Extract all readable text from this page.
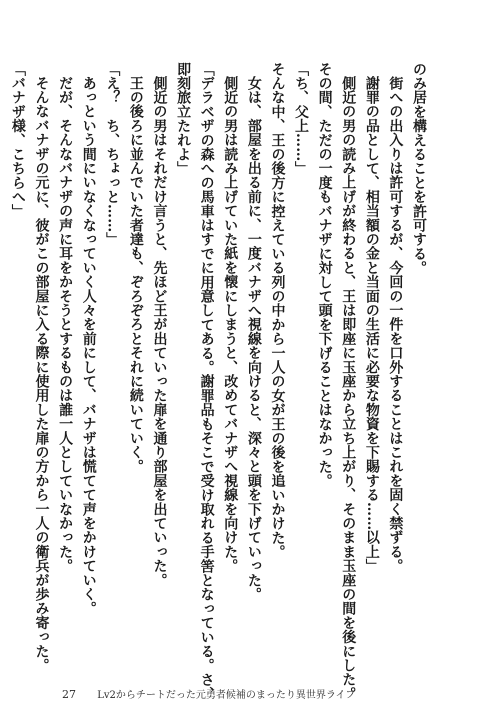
のみ居を構えることを許可する。

街への出入りは許可するが、今回の一件を口外することはこれを固く禁ずる。

謝罪の品として、相当額の金と当面の生活に必要な物資を下賜する……以上」

側近の男の読み上げが終わると、王は即座に玉座から立ち上がり、そのまま玉座の間を後にした。

その間、ただの一度もバナザに対して頭を下げることはなかった。

「ち、父上……」

そんな中、王の後方に控えている列の中から一人の女が王の後を追いかけた。

女は、部屋を出る前に、一度バナザへ視線を向けると、深々と頭を下げていった。

側近の男は読み上げていた紙を懐にしまうと、改めてバナザへ視線を向けた。

「デラベザの森への馬車はすでに用意してある。謝罪品もそこで受け取れる手筈となっている。さ、

即刻旅立たれよ」

側近の男はそれだけ言うと、先ほど王が出ていった扉を通り部屋を出ていった。

王の後ろに並んでいた者達も、ぞろぞろとそれに続いていく。

「え？　ち、ちょっと……」

あっという間にいなくなっていく人々を前にして、バナザは慌てて声をかけていく。

だが、そんなバナザの声に耳をかそうとするものは誰一人としていなかった。

そんなバナザの元に、彼がこの部屋に入る際に使用した扉の方から一人の衛兵が歩み寄った。

「バナザ様、こちらへ」

27 Lv2からチートだった元勇者候補のまったり異世界ライフ
